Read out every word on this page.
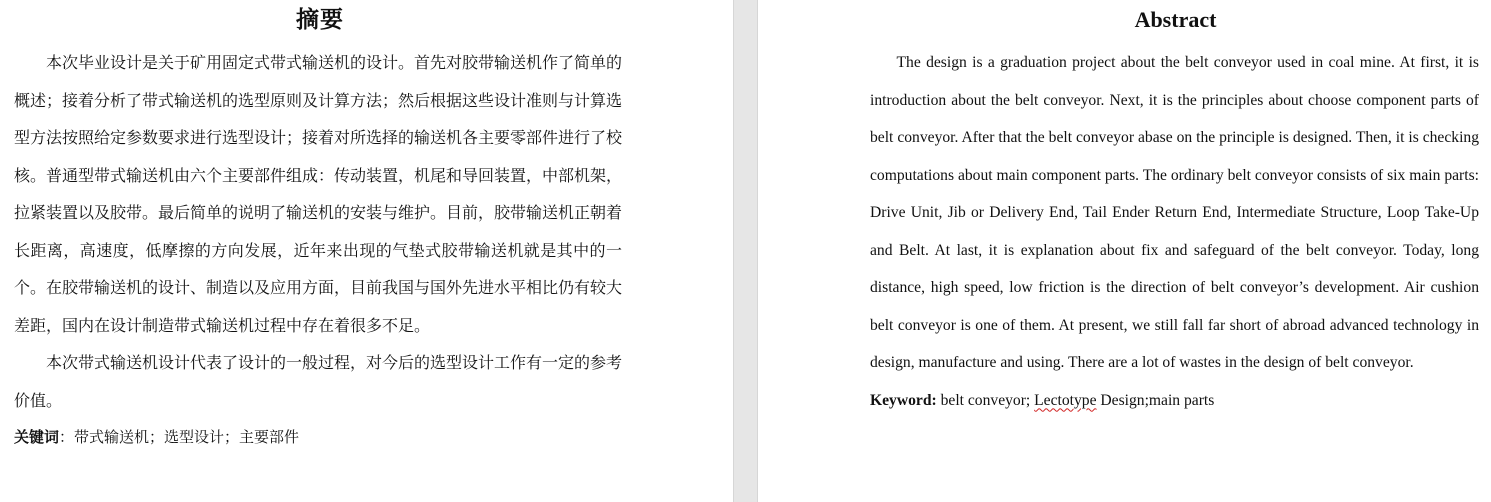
摘要

本次毕业设计是关于矿用固定式带式输送机的设计。首先对胶带输送机作了简单的概述；接着分析了带式输送机的选型原则及计算方法；然后根据这些设计准则与计算选型方法按照给定参数要求进行选型设计；接着对所选择的输送机各主要零部件进行了校核。普通型带式输送机由六个主要部件组成：传动装置，机尾和导回装置，中部机架，拉紧装置以及胶带。最后简单的说明了输送机的安装与维护。目前，胶带输送机正朝着长距离，高速度，低摩擦的方向发展，近年来出现的气垫式胶带输送机就是其中的一个。在胶带输送机的设计、制造以及应用方面，目前我国与国外先进水平相比仍有较大差距，国内在设计制造带式输送机过程中存在着很多不足。

本次带式输送机设计代表了设计的一般过程，对今后的选型设计工作有一定的参考价值。

关键词：带式输送机；选型设计；主要部件
Abstract

The design is a graduation project about the belt conveyor used in coal mine. At first, it is introduction about the belt conveyor. Next, it is the principles about choose component parts of belt conveyor. After that the belt conveyor abase on the principle is designed. Then, it is checking computations about main component parts. The ordinary belt conveyor consists of six main parts: Drive Unit, Jib or Delivery End, Tail Ender Return End, Intermediate Structure, Loop Take-Up and Belt. At last, it is explanation about fix and safeguard of the belt conveyor. Today, long distance, high speed, low friction is the direction of belt conveyor’s development. Air cushion belt conveyor is one of them. At present, we still fall far short of abroad advanced technology in design, manufacture and using. There are a lot of wastes in the design of belt conveyor.

Keyword: belt conveyor; Lectotype Design;main parts
